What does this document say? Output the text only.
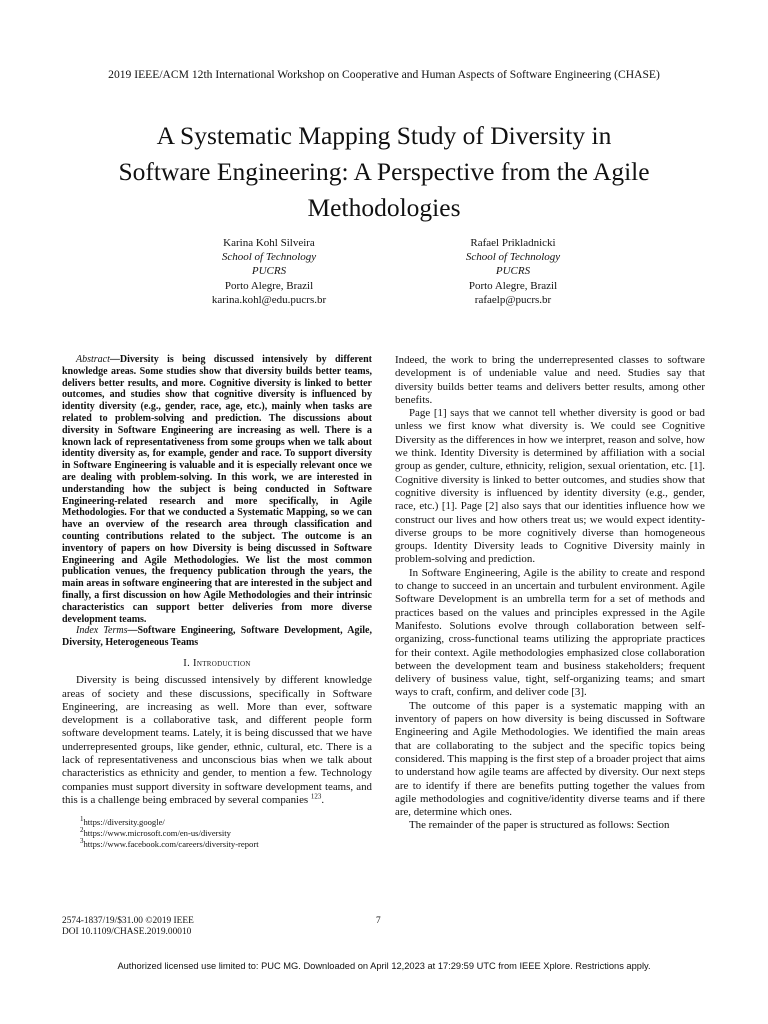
2019 IEEE/ACM 12th International Workshop on Cooperative and Human Aspects of Software Engineering (CHASE)
A Systematic Mapping Study of Diversity in
Software Engineering: A Perspective from the Agile
Methodologies
Karina Kohl Silveira
School of Technology
PUCRS
Porto Alegre, Brazil
karina.kohl@edu.pucrs.br
Rafael Prikladnicki
School of Technology
PUCRS
Porto Alegre, Brazil
rafaelp@pucrs.br

Abstract—Diversity is being discussed intensively by different knowledge areas. Some studies show that diversity builds better teams, delivers better results, and more. Cognitive diversity is linked to better outcomes, and studies show that cognitive diversity is influenced by identity diversity (e.g., gender, race, age, etc.), mainly when tasks are related to problem-solving and prediction. The discussions about diversity in Software Engineering are increasing as well. There is a known lack of representativeness from some groups when we talk about identity diversity as, for example, gender and race. To support diversity in Software Engineering is valuable and it is especially relevant once we are dealing with problem-solving. In this work, we are interested in understanding how the subject is being conducted in Software Engineering-related research and more specifically, in Agile Methodologies. For that we conducted a Systematic Mapping, so we can have an overview of the research area through classification and counting contributions related to the subject. The outcome is an inventory of papers on how Diversity is being discussed in Software Engineering and Agile Methodologies. We list the most common publication venues, the frequency publication through the years, the main areas in software engineering that are interested in the subject and finally, a first discussion on how Agile Methodologies and their intrinsic characteristics can support better deliveries from more diverse development teams.

Index Terms—Software Engineering, Software Development, Agile, Diversity, Heterogeneous Teams

I. Introduction

Diversity is being discussed intensively by different knowledge areas of society and these discussions, specifically in Software Engineering, are increasing as well. More than ever, software development is a collaborative task, and different people form software development teams. Lately, it is being discussed that we have underrepresented groups, like gender, ethnic, cultural, etc. There is a lack of representativeness and unconscious bias when we talk about characteristics as ethnicity and gender, to mention a few. Technology companies must support diversity in software development teams, and this is a challenge being embraced by several companies $^{123}$.

$^1$https://diversity.google/
$^2$https://www.microsoft.com/en-us/diversity
$^3$https://www.facebook.com/careers/diversity-report

Indeed, the work to bring the underrepresented classes to software development is of undeniable value and need. Studies say that diversity builds better teams and delivers better results, among other benefits.

Page [1] says that we cannot tell whether diversity is good or bad unless we first know what diversity is. We could see Cognitive Diversity as the differences in how we interpret, reason and solve, how we think. Identity Diversity is determined by affiliation with a social group as gender, culture, ethnicity, religion, sexual orientation, etc. [1]. Cognitive diversity is linked to better outcomes, and studies show that cognitive diversity is influenced by identity diversity (e.g., gender, race, etc.) [1]. Page [2] also says that our identities influence how we construct our lives and how others treat us; we would expect identity-diverse groups to be more cognitively diverse than homogeneous groups. Identity Diversity leads to Cognitive Diversity mainly in problem-solving and prediction.

In Software Engineering, Agile is the ability to create and respond to change to succeed in an uncertain and turbulent environment. Agile Software Development is an umbrella term for a set of methods and practices based on the values and principles expressed in the Agile Manifesto. Solutions evolve through collaboration between self-organizing, cross-functional teams utilizing the appropriate practices for their context. Agile methodologies emphasized close collaboration between the development team and business stakeholders; frequent delivery of business value, tight, self-organizing teams; and smart ways to craft, confirm, and deliver code [3].

The outcome of this paper is a systematic mapping with an inventory of papers on how diversity is being discussed in Software Engineering and Agile Methodologies. We identified the main areas that are collaborating to the subject and the specific topics being considered. This mapping is the first step of a broader project that aims to understand how agile teams are affected by diversity. Our next steps are to identify if there are benefits putting together the values from agile methodologies and cognitive/identity diverse teams and if there are, determine which ones.

The remainder of the paper is structured as follows: Section

2574-1837/19/$31.00 ©2019 IEEE
DOI 10.1109/CHASE.2019.00010
7
Authorized licensed use limited to: PUC MG. Downloaded on April 12,2023 at 17:29:59 UTC from IEEE Xplore. Restrictions apply.
